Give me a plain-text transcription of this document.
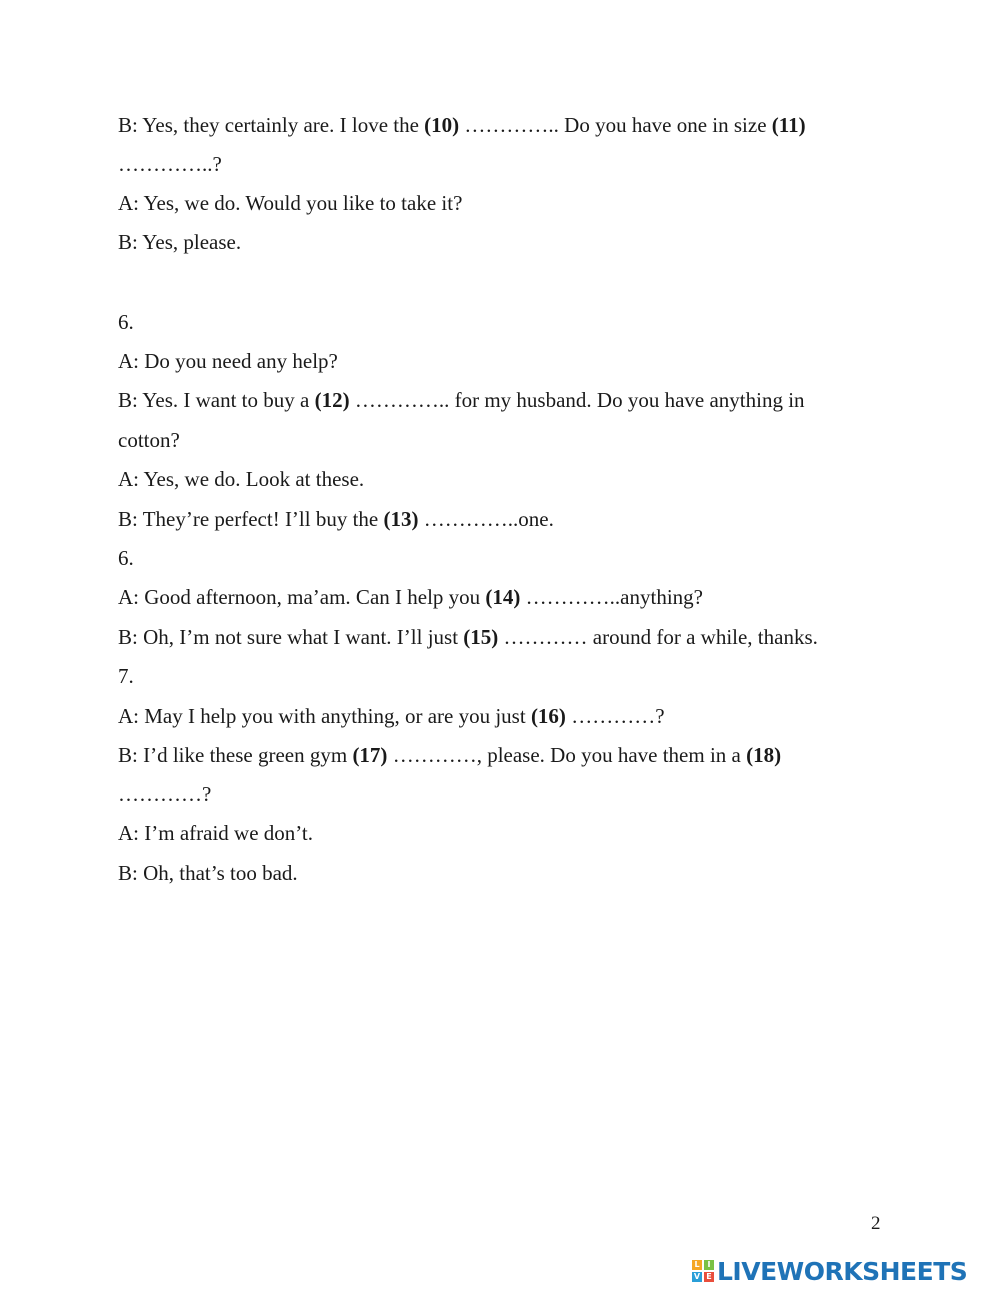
B: Yes, they certainly are. I love the (10) ………….. Do you have one in size (11)
…………..?
A: Yes, we do. Would you like to take it?
B: Yes, please.
6.
A: Do you need any help?
B: Yes. I want to buy a (12) ………….. for my husband. Do you have anything in
cotton?
A: Yes, we do. Look at these.
B: They’re perfect! I’ll buy the (13) …………..one.
6.
A: Good afternoon, ma’am. Can I help you (14) …………..anything?
B: Oh, I’m not sure what I want. I’ll just (15) ………… around for a while, thanks.
7.
A: May I help you with anything, or are you just (16) …………?
B: I’d like these green gym (17) …………, please. Do you have them in a (18)
…………?
A: I’m afraid we don’t.
B: Oh, that’s too bad.
2
L I
V E LIVEWORKSHEETS
